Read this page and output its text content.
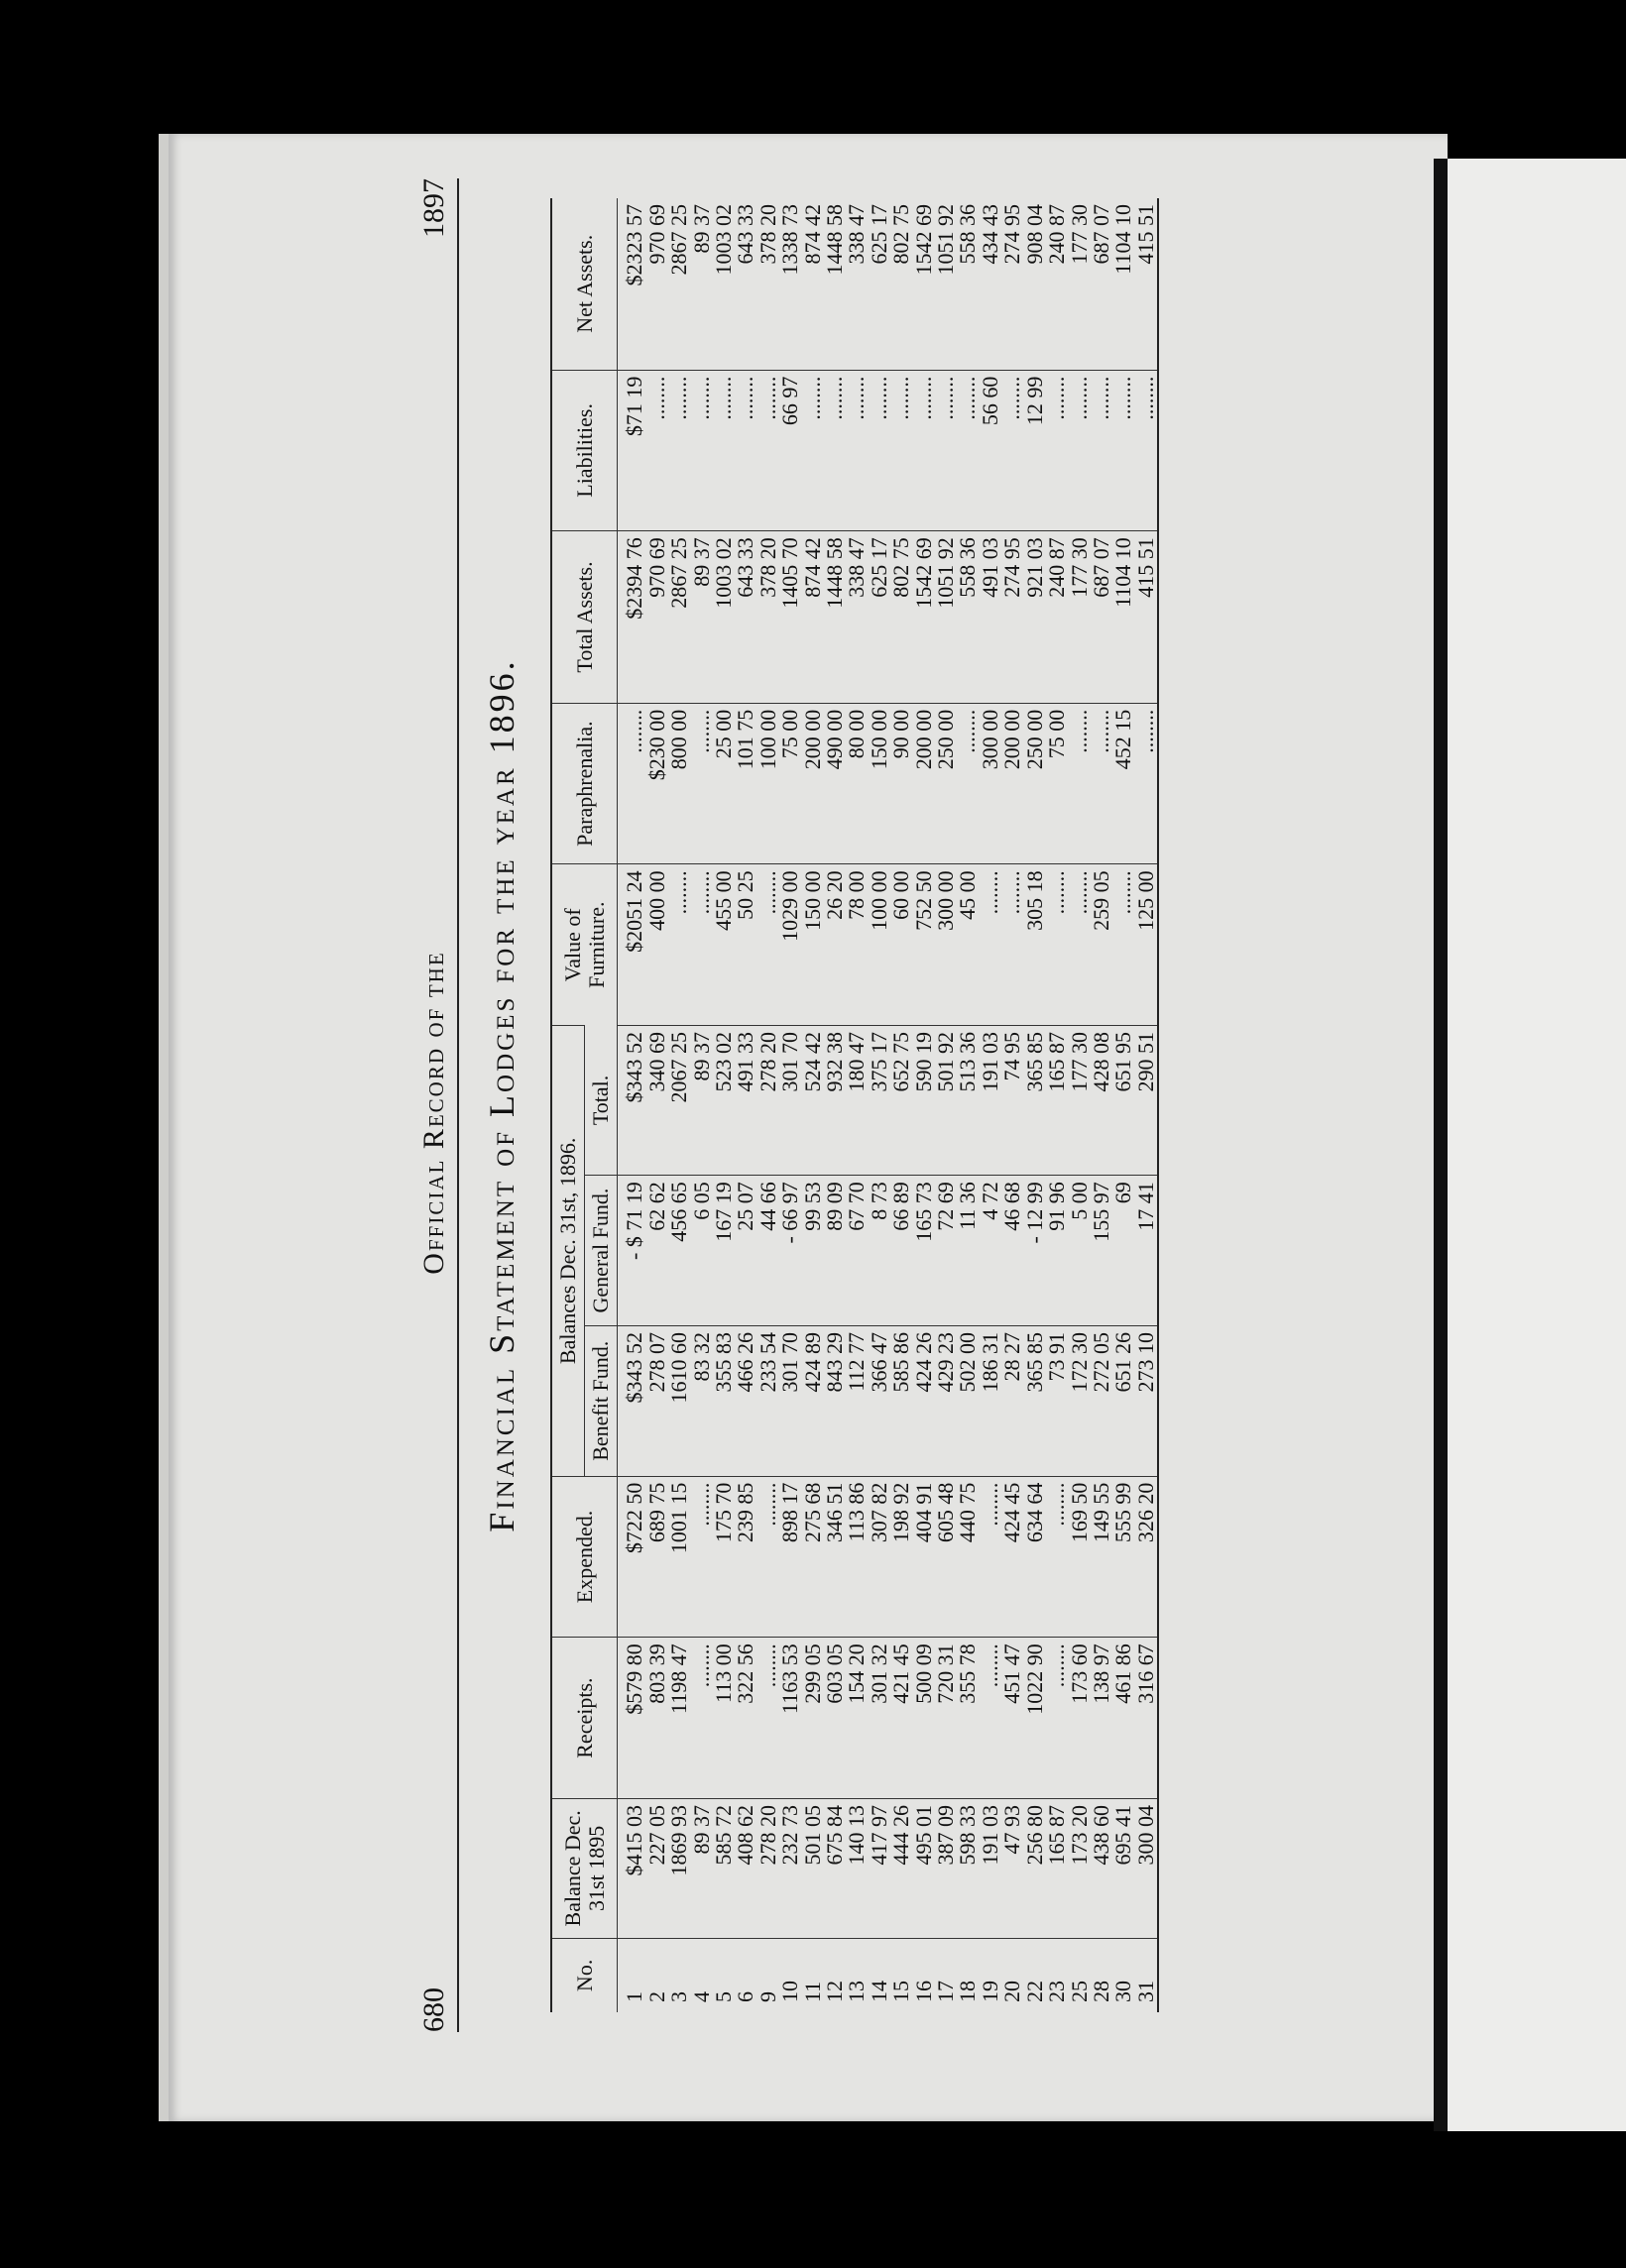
680
Official Record of the
1897
Financial Statement of Lodges for the year 1896.
No.	Balance Dec. 31st 1895	Receipts.	Expended.	Balances Dec. 31st, 1896.			Value of Furniture.	Paraphrenalia.	Total Assets.	Liabilities.	Net Assets.
				Benefit Fund.	General Fund.	Total.					
1	$415 03	$579 80	$722 50	$343 52	- $ 71 19	$343 52	$2051 24	........	$2394 76	$71 19	$2323 57
2	227 05	803 39	689 75	278 07	62 62	340 69	400 00	$230 00	970 69	........	970 69
3	1869 93	1198 47	1001 15	1610 60	456 65	2067 25	........	800 00	2867 25	........	2867 25
4	89 37	........	........	83 32	6 05	89 37	........	........	89 37	........	89 37
5	585 72	113 00	175 70	355 83	167 19	523 02	455 00	25 00	1003 02	........	1003 02
6	408 62	322 56	239 85	466 26	25 07	491 33	50 25	101 75	643 33	........	643 33
9	278 20	........	........	233 54	44 66	278 20	........	100 00	378 20	........	378 20
10	232 73	1163 53	898 17	301 70	- 66 97	301 70	1029 00	75 00	1405 70	66 97	1338 73
11	501 05	299 05	275 68	424 89	99 53	524 42	150 00	200 00	874 42	........	874 42
12	675 84	603 05	346 51	843 29	89 09	932 38	26 20	490 00	1448 58	........	1448 58
13	140 13	154 20	113 86	112 77	67 70	180 47	78 00	80 00	338 47	........	338 47
14	417 97	301 32	307 82	366 47	8 73	375 17	100 00	150 00	625 17	........	625 17
15	444 26	421 45	198 92	585 86	66 89	652 75	60 00	90 00	802 75	........	802 75
16	495 01	500 09	404 91	424 26	165 73	590 19	752 50	200 00	1542 69	........	1542 69
17	387 09	720 31	605 48	429 23	72 69	501 92	300 00	250 00	1051 92	........	1051 92
18	598 33	355 78	440 75	502 00	11 36	513 36	45 00	........	558 36	........	558 36
19	191 03	........	........	186 31	4 72	191 03	........	300 00	491 03	56 60	434 43
20	47 93	451 47	424 45	28 27	46 68	74 95	........	200 00	274 95	........	274 95
22	256 80	1022 90	634 64	365 85	- 12 99	365 85	305 18	250 00	921 03	12 99	908 04
23	165 87	........	........	73 91	91 96	165 87	........	75 00	240 87	........	240 87
25	173 20	173 60	169 50	172 30	5 00	177 30	........	........	177 30	........	177 30
28	438 60	138 97	149 55	272 05	155 97	428 08	259 05	........	687 07	........	687 07
30	695 41	461 86	555 99	651 26	69	651 95	........	452 15	1104 10	........	1104 10
31	300 04	316 67	326 20	273 10	17 41	290 51	125 00	........	415 51	........	415 51
